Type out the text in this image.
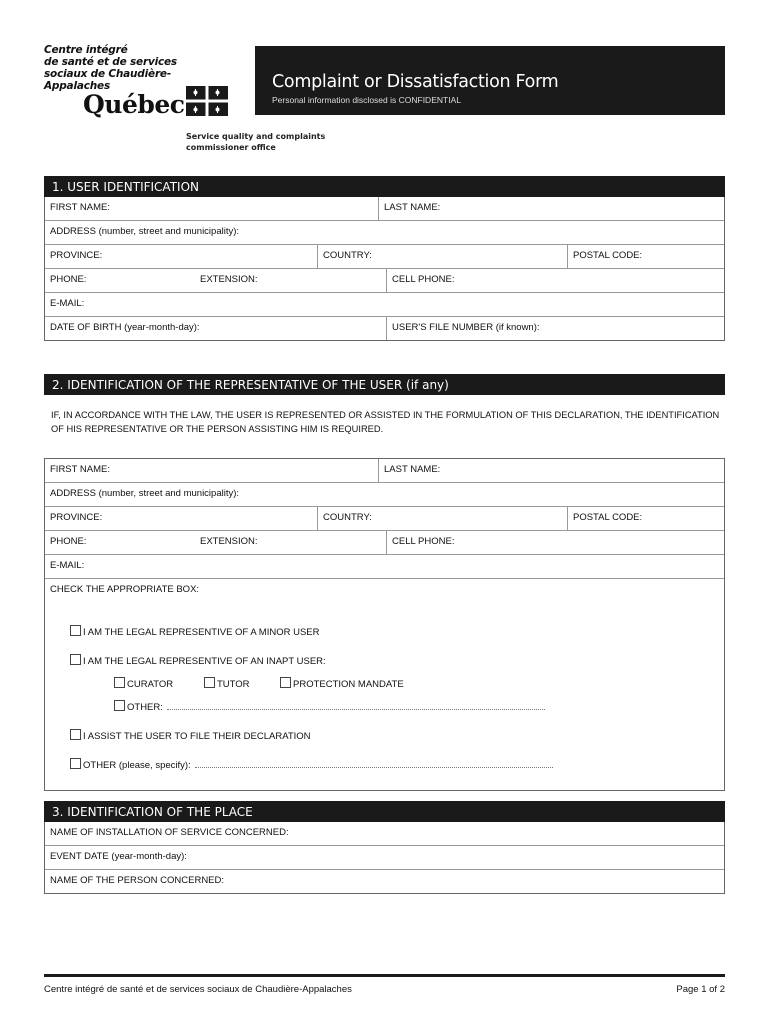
Centre intégré
de santé et de services
sociaux de Chaudière-
Appalaches
Québec
Complaint or Dissatisfaction Form
Personal information disclosed is CONFIDENTIAL
Service quality and complaints
commissioner office
1. USER IDENTIFICATION
FIRST NAME:	LAST NAME:
ADDRESS (number, street and municipality):
PROVINCE:	COUNTRY:	POSTAL CODE:
PHONE:	EXTENSION:	CELL PHONE:
E-MAIL:
DATE OF BIRTH (year-month-day):	USER'S FILE NUMBER (if known):
2. IDENTIFICATION OF THE REPRESENTATIVE OF THE USER (if any)
IF, IN ACCORDANCE WITH THE LAW, THE USER IS REPRESENTED OR ASSISTED IN THE FORMULATION OF THIS DECLARATION, THE IDENTIFICATION
OF HIS REPRESENTATIVE OR THE PERSON ASSISTING HIM IS REQUIRED.
FIRST NAME:	LAST NAME:
ADDRESS (number, street and municipality):
PROVINCE:	COUNTRY:	POSTAL CODE:
PHONE:	EXTENSION:	CELL PHONE:
E-MAIL:
CHECK THE APPROPRIATE BOX:
I AM THE LEGAL REPRESENTIVE OF A MINOR USER
I AM THE LEGAL REPRESENTIVE OF AN INAPT USER:
CURATOR	TUTOR	PROTECTION MANDATE
OTHER:
I ASSIST THE USER TO FILE THEIR DECLARATION
OTHER (please, specify):
3. IDENTIFICATION OF THE PLACE
NAME OF INSTALLATION OF SERVICE CONCERNED:
EVENT DATE (year-month-day):
NAME OF THE PERSON CONCERNED:
Centre intégré de santé et de services sociaux de Chaudière-Appalaches	Page 1 of 2
